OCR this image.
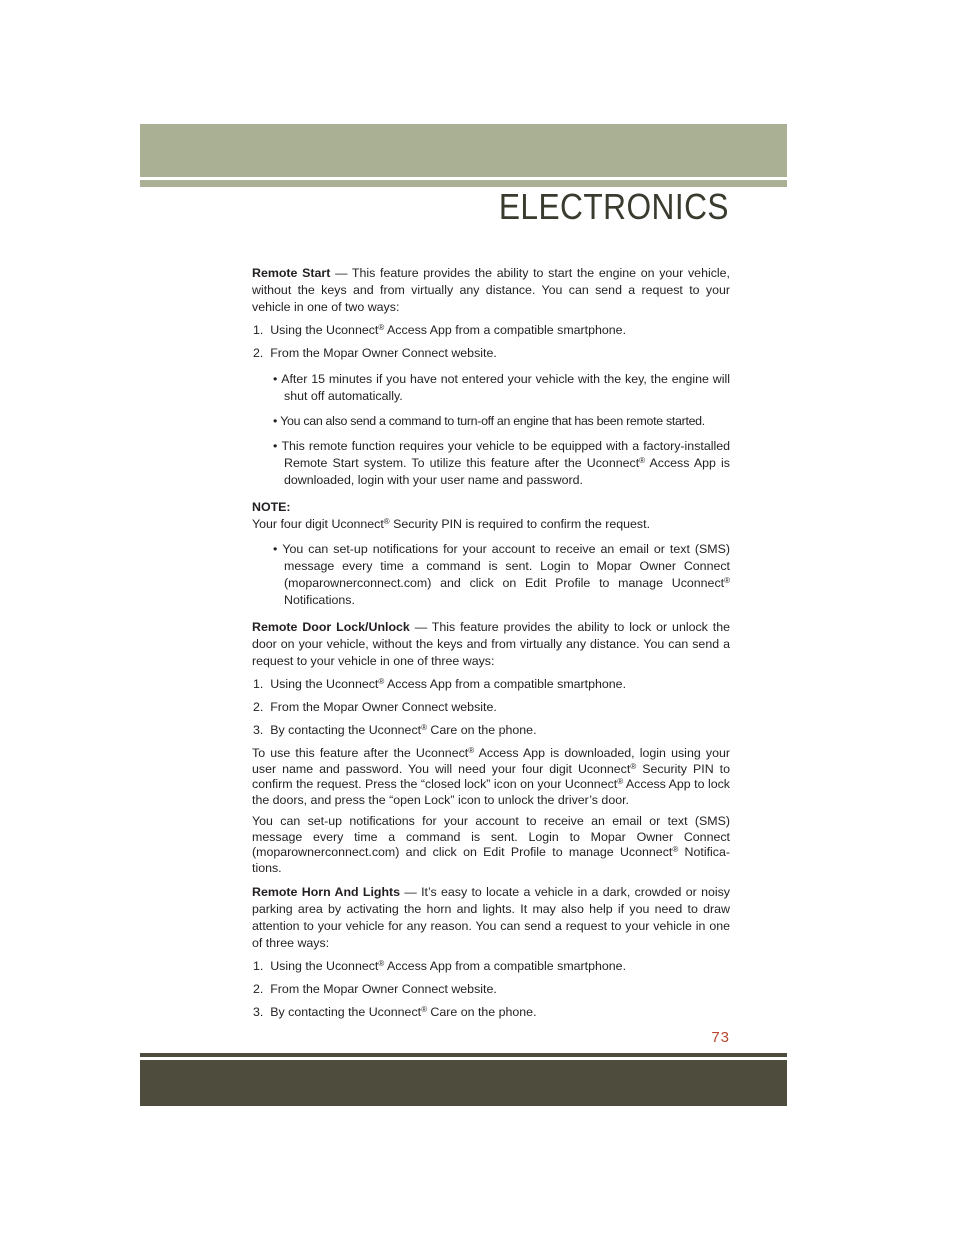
ELECTRONICS

Remote Start — This feature provides the ability to start the engine on your vehicle, without the keys and from virtually any distance. You can send a request to your vehicle in one of two ways:

1. Using the Uconnect® Access App from a compatible smartphone.

2. From the Mopar Owner Connect website.

• After 15 minutes if you have not entered your vehicle with the key, the engine will shut off automatically.

• You can also send a command to turn-off an engine that has been remote started.

• This remote function requires your vehicle to be equipped with a factory-installed Remote Start system. To utilize this feature after the Uconnect® Access App is downloaded, login with your user name and password.

NOTE:

Your four digit Uconnect® Security PIN is required to confirm the request.

• You can set-up notifications for your account to receive an email or text (SMS) message every time a command is sent. Login to Mopar Owner Connect (moparownerconnect.com) and click on Edit Profile to manage Uconnect® Notifications.

Remote Door Lock/Unlock — This feature provides the ability to lock or unlock the door on your vehicle, without the keys and from virtually any distance. You can send a request to your vehicle in one of three ways:

1. Using the Uconnect® Access App from a compatible smartphone.

2. From the Mopar Owner Connect website.

3. By contacting the Uconnect® Care on the phone.

To use this feature after the Uconnect® Access App is downloaded, login using your user name and password. You will need your four digit Uconnect® Security PIN to confirm the request. Press the “closed lock” icon on your Uconnect® Access App to lock the doors, and press the “open Lock” icon to unlock the driver’s door.

You can set-up notifications for your account to receive an email or text (SMS) message every time a command is sent. Login to Mopar Owner Connect (moparownerconnect.com) and click on Edit Profile to manage Uconnect® Notifica-tions.

Remote Horn And Lights — It’s easy to locate a vehicle in a dark, crowded or noisy parking area by activating the horn and lights. It may also help if you need to draw attention to your vehicle for any reason. You can send a request to your vehicle in one of three ways:

1. Using the Uconnect® Access App from a compatible smartphone.

2. From the Mopar Owner Connect website.

3. By contacting the Uconnect® Care on the phone.

73
